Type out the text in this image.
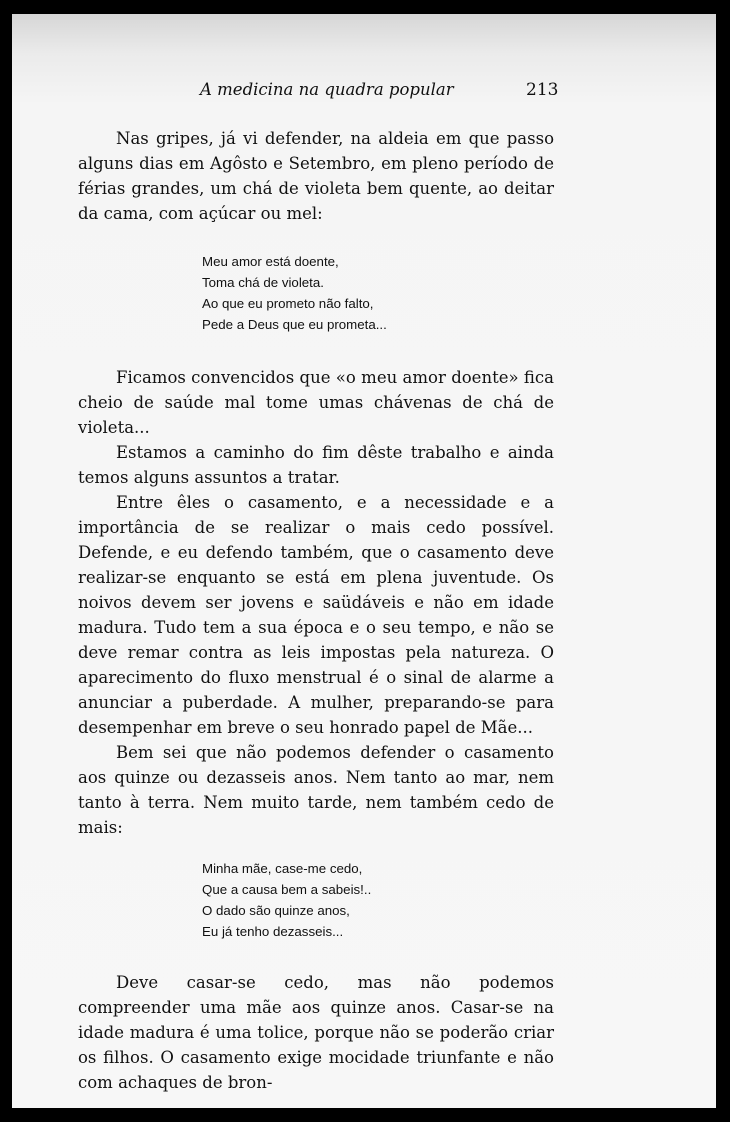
A medicina na quadra popular	213

Nas gripes, já vi defender, na aldeia em que passo alguns dias em Agôsto e Setembro, em pleno período de férias grandes, um chá de violeta bem quente, ao deitar da cama, com açúcar ou mel:

Meu amor está doente,
Toma chá de violeta.
Ao que eu prometo não falto,
Pede a Deus que eu prometa...

Ficamos convencidos que «o meu amor doente» fica cheio de saúde mal tome umas chávenas de chá de violeta...

Estamos a caminho do fim dêste trabalho e ainda temos alguns assuntos a tratar.

Entre êles o casamento, e a necessidade e a importância de se realizar o mais cedo possível. Defende, e eu defendo também, que o casamento deve realizar-se enquanto se está em plena juventude. Os noivos devem ser jovens e saüdáveis e não em idade madura. Tudo tem a sua época e o seu tempo, e não se deve remar contra as leis impostas pela natureza. O aparecimento do fluxo menstrual é o sinal de alarme a anunciar a puberdade. A mulher, preparando-se para desempenhar em breve o seu honrado papel de Mãe...

Bem sei que não podemos defender o casamento aos quinze ou dezasseis anos. Nem tanto ao mar, nem tanto à terra. Nem muito tarde, nem também cedo de mais:

Minha mãe, case-me cedo,
Que a causa bem a sabeis!..
O dado são quinze anos,
Eu já tenho dezasseis...

Deve casar-se cedo, mas não podemos compreender uma mãe aos quinze anos. Casar-se na idade madura é uma tolice, porque não se poderão criar os filhos. O casamento exige mocidade triunfante e não com achaques de bron-
